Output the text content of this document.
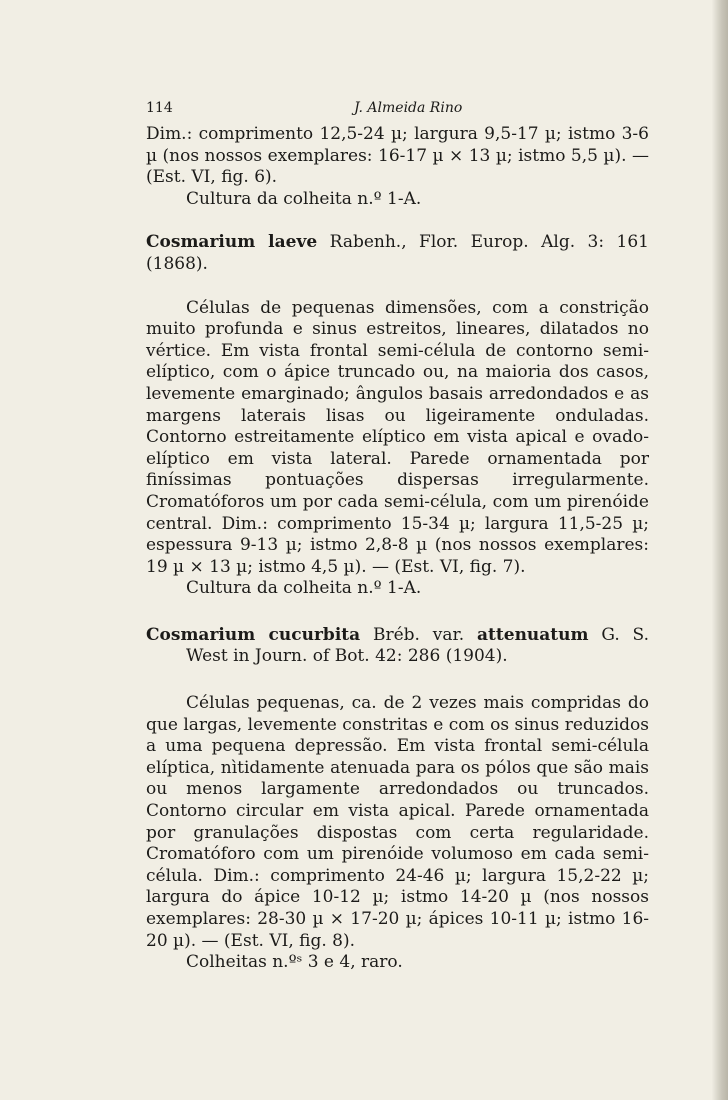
114	J. Almeida Rino

Dim.: comprimento 12,5-24 µ; largura 9,5-17 µ; istmo 3-6 µ (nos nossos exemplares: 16-17 µ × 13 µ; istmo 5,5 µ). — (Est. VI, fig. 6).

Cultura da colheita n.º 1-A.

Cosmarium laeve Rabenh., Flor. Europ. Alg. 3: 161 (1868).

Células de pequenas dimensões, com a constrição muito profunda e sinus estreitos, lineares, dilatados no vértice. Em vista frontal semi-célula de contorno semi-elíptico, com o ápice truncado ou, na maioria dos casos, levemente emarginado; ângulos basais arredondados e as margens laterais lisas ou ligeiramente onduladas. Contorno estreitamente elíptico em vista apical e ovado-elíptico em vista lateral. Parede ornamentada por finíssimas pontuações dispersas irregularmente. Cromatóforos um por cada semi-célula, com um pirenóide central. Dim.: comprimento 15-34 µ; largura 11,5-25 µ; espessura 9-13 µ; istmo 2,8-8 µ (nos nossos exemplares: 19 µ × 13 µ; istmo 4,5 µ). — (Est. VI, fig. 7).

Cultura da colheita n.º 1-A.

Cosmarium cucurbita Bréb. var. attenuatum G. S. West in Journ. of Bot. 42: 286 (1904).

Células pequenas, ca. de 2 vezes mais compridas do que largas, levemente constritas e com os sinus reduzidos a uma pequena depressão. Em vista frontal semi-célula elíptica, nìtidamente atenuada para os pólos que são mais ou menos largamente arredondados ou truncados. Contorno circular em vista apical. Parede ornamentada por granulações dispostas com certa regularidade. Cromatóforo com um pirenóide volumoso em cada semi-célula. Dim.: comprimento 24-46 µ; largura 15,2-22 µ; largura do ápice 10-12 µ; istmo 14-20 µ (nos nossos exemplares: 28-30 µ × 17-20 µ; ápices 10-11 µ; istmo 16-20 µ). — (Est. VI, fig. 8).

Colheitas n.ºˢ 3 e 4, raro.
